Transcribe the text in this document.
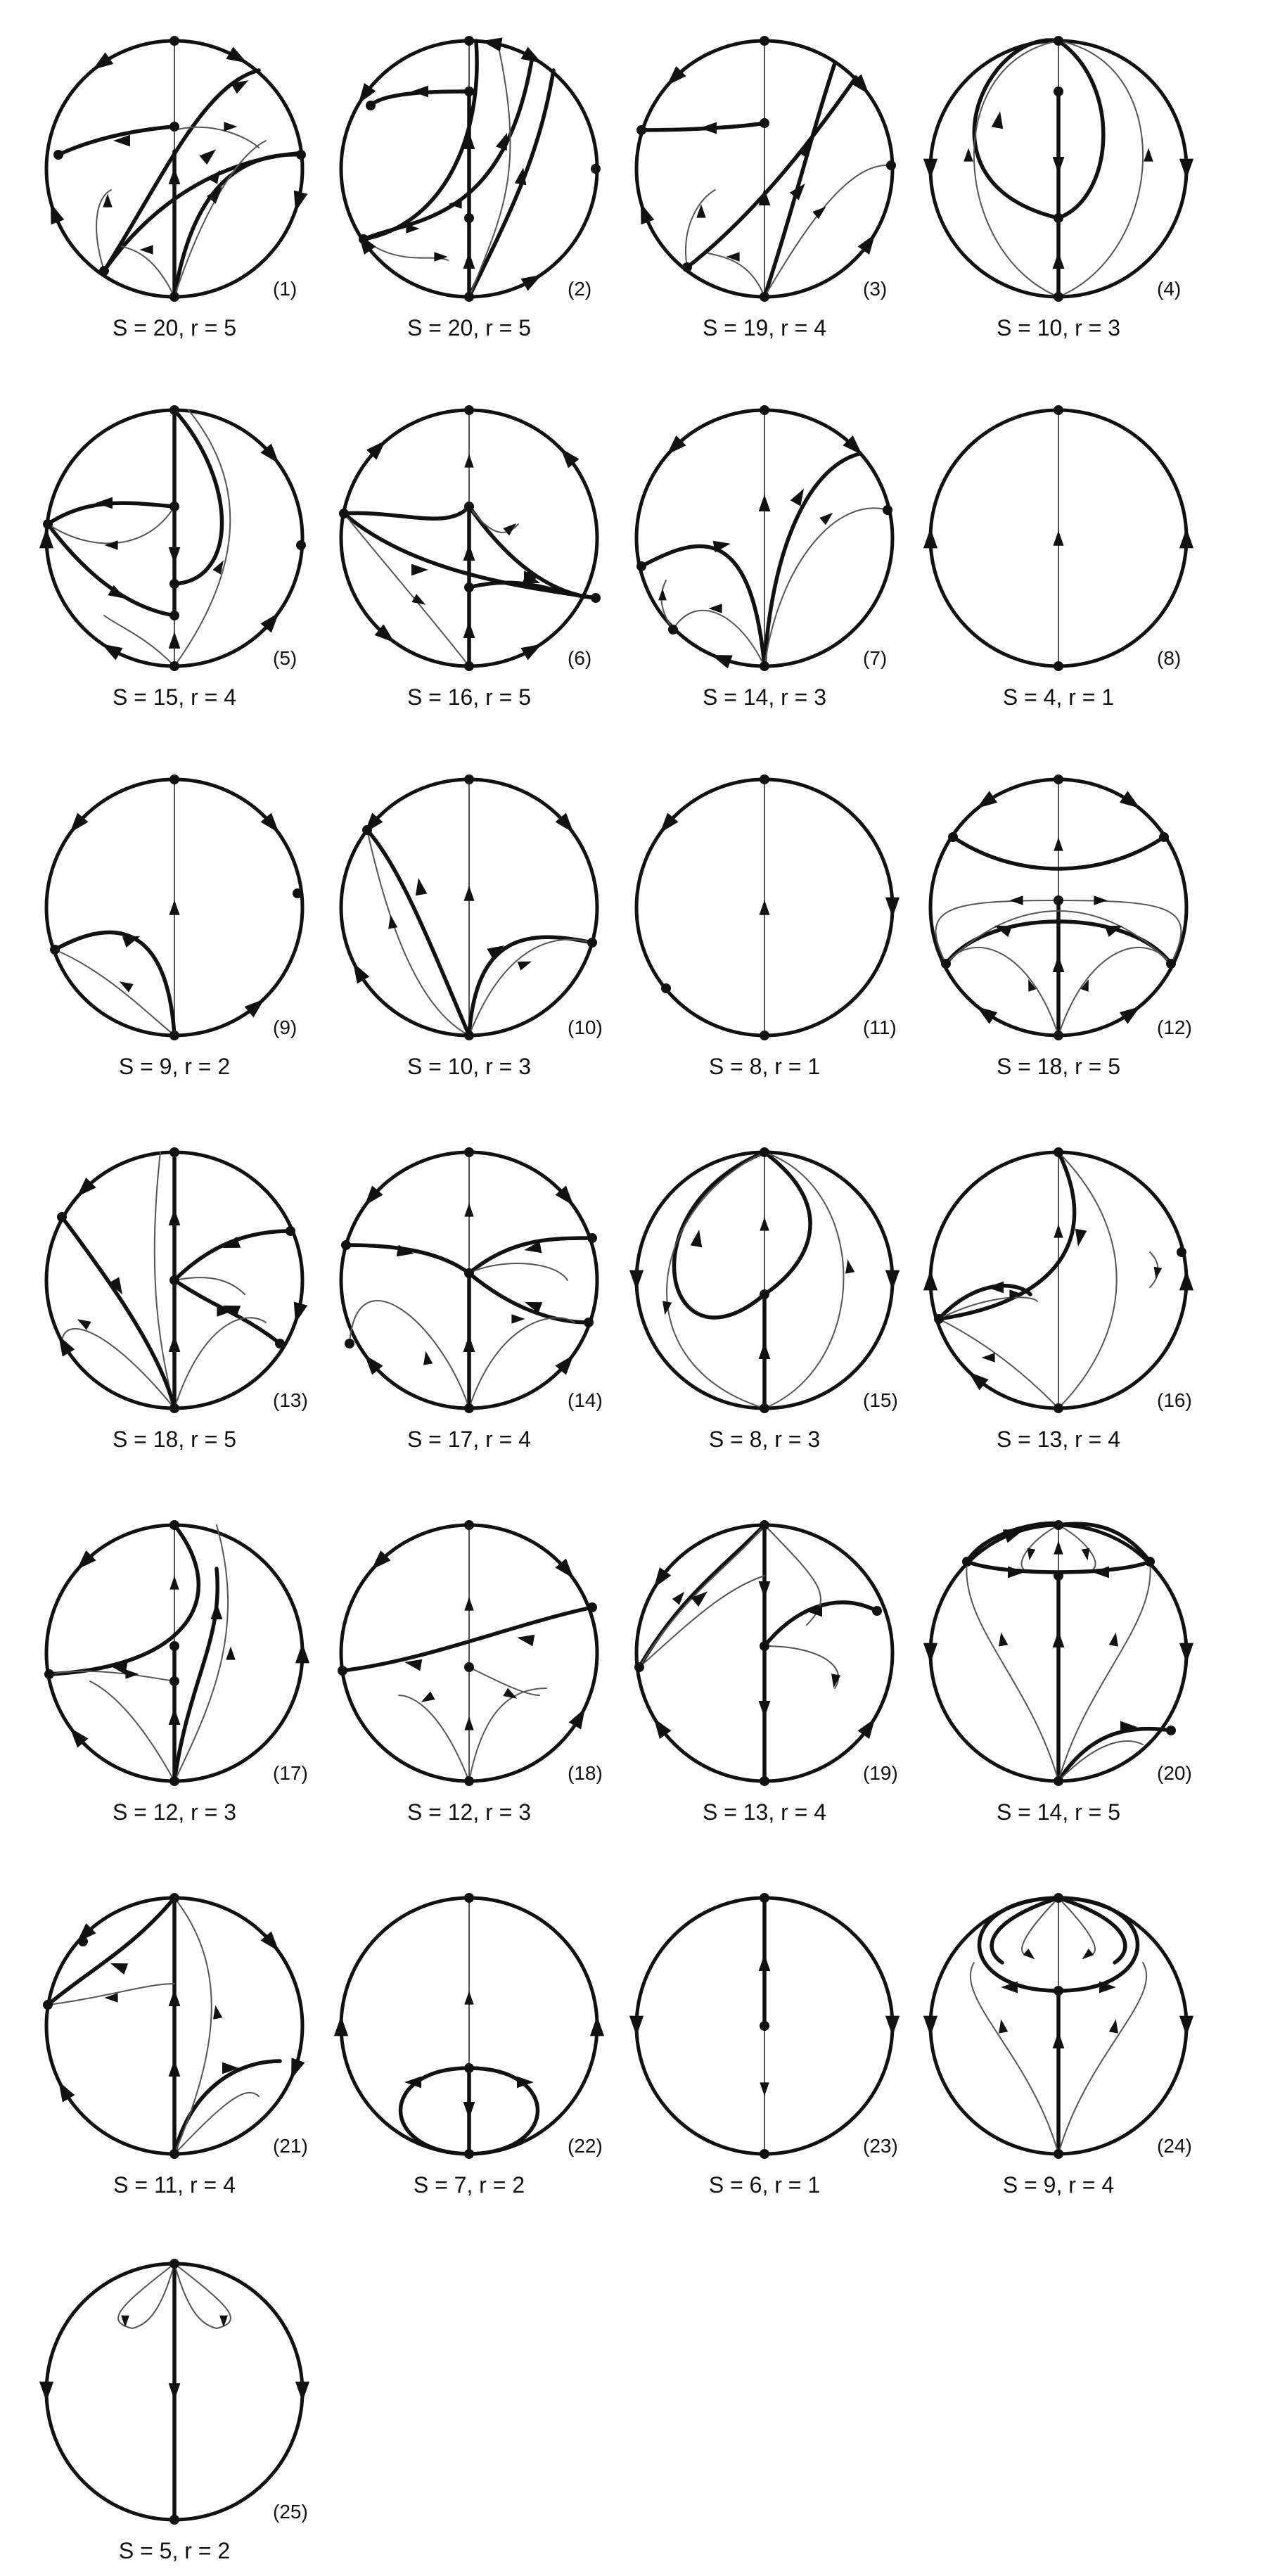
(1)
S = 20, r = 5
(2)
S = 20, r = 5
(3)
S = 19, r = 4
(4)
S = 10, r = 3
(5)
S = 15, r = 4
(6)
S = 16, r = 5
(7)
S = 14, r = 3
(8)
S = 4, r = 1
(9)
S = 9, r = 2
(10)
S = 10, r = 3
(11)
S = 8, r = 1
(12)
S = 18, r = 5
(13)
S = 18, r = 5
(14)
S = 17, r = 4
(15)
S = 8, r = 3
(16)
S = 13, r = 4
(17)
S = 12, r = 3
(18)
S = 12, r = 3
(19)
S = 13, r = 4
(20)
S = 14, r = 5
(21)
S = 11, r = 4
(22)
S = 7, r = 2
(23)
S = 6, r = 1
(24)
S = 9, r = 4
(25)
S = 5, r = 2
